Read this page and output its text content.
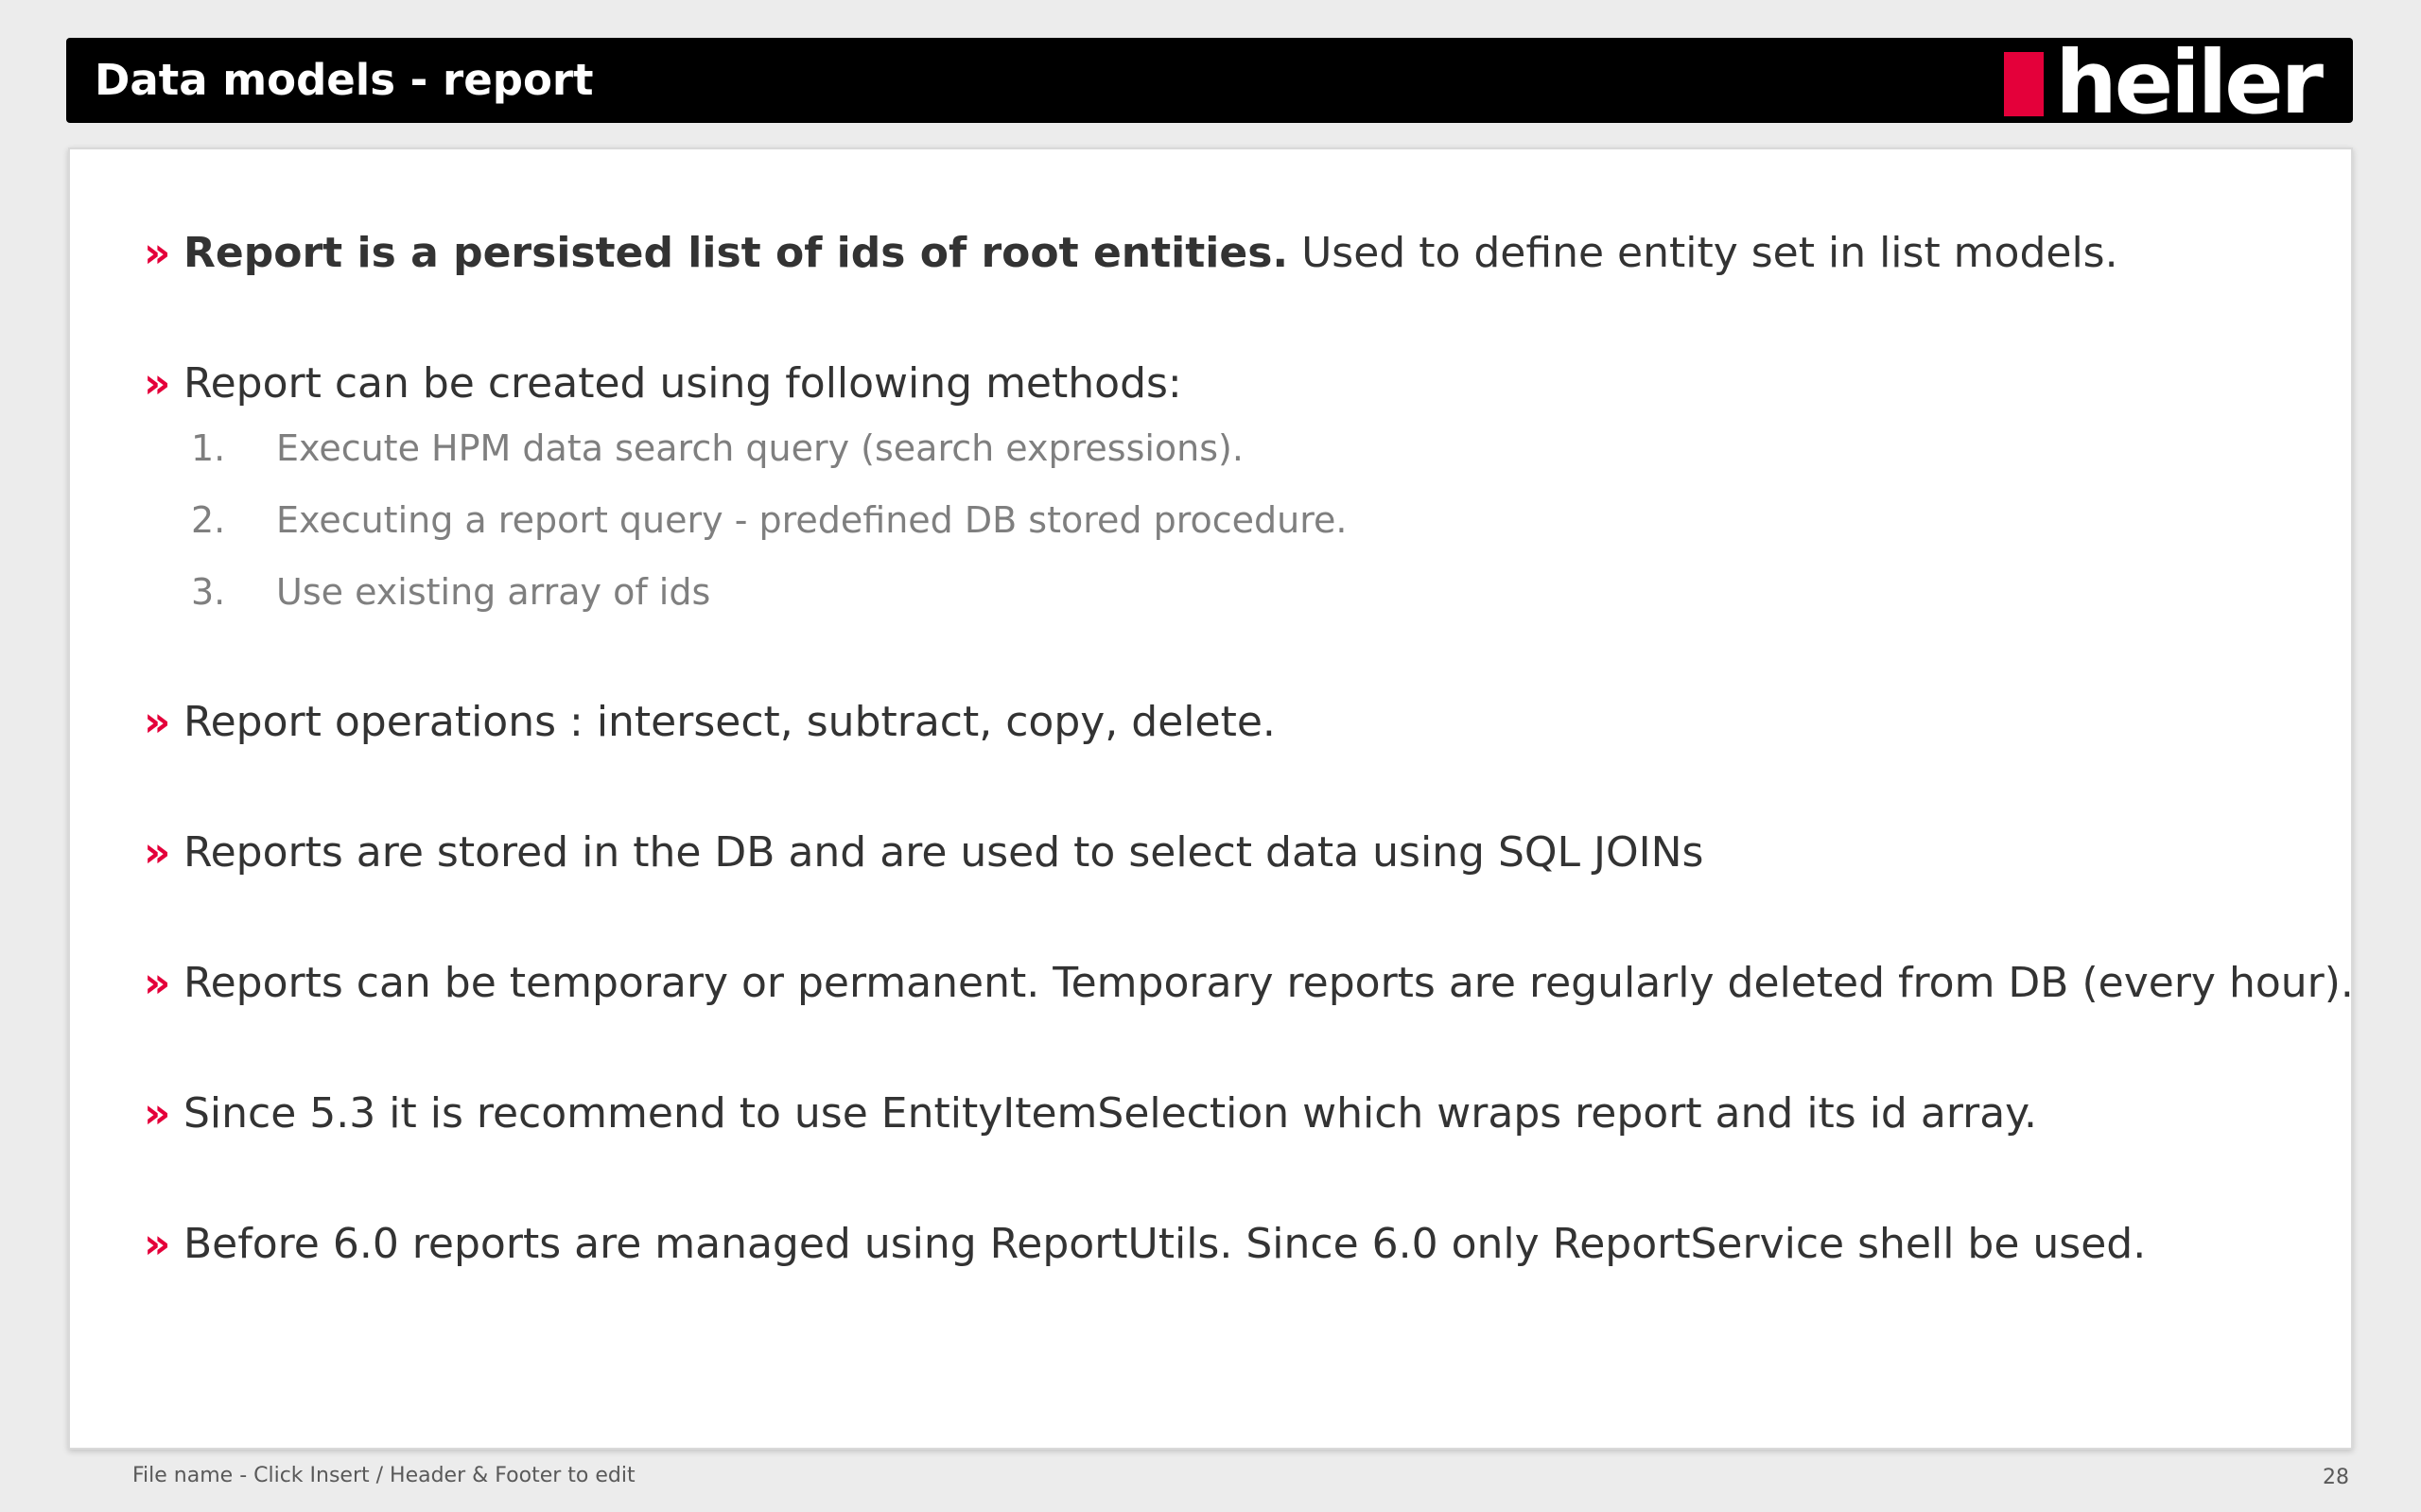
Data models - report	heiler
» Report is a persisted list of ids of root entities. Used to define entity set in list models.
» Report can be created using following methods:
1. Execute HPM data search query (search expressions).
2. Executing a report query - predefined DB stored procedure.
3. Use existing array of ids
» Report operations : intersect, subtract, copy, delete.
» Reports are stored in the DB and are used to select data using SQL JOINs
» Reports can be temporary or permanent. Temporary reports are regularly deleted from DB (every hour).
» Since 5.3 it is recommend to use EntityItemSelection which wraps report and its id array.
» Before 6.0 reports are managed using ReportUtils. Since 6.0 only ReportService shell be used.
File name - Click Insert / Header & Footer to edit	28
